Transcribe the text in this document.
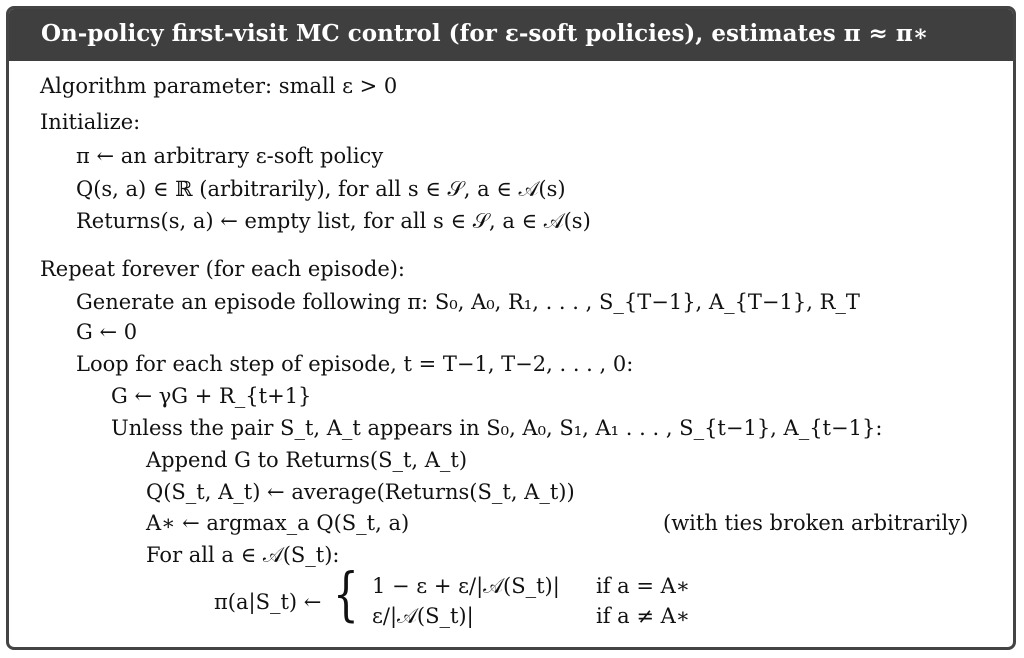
On-policy first-visit MC control (for ε-soft policies), estimates π ≈ π∗
Algorithm parameter: small ε > 0
Initialize:
π ← an arbitrary ε-soft policy
Q(s, a) ∈ ℝ (arbitrarily), for all s ∈ 𝒮, a ∈ 𝒜(s)
Returns(s, a) ← empty list, for all s ∈ 𝒮, a ∈ 𝒜(s)
Repeat forever (for each episode):
Generate an episode following π: S₀, A₀, R₁, . . . , S_{T−1}, A_{T−1}, R_T
G ← 0
Loop for each step of episode, t = T−1, T−2, . . . , 0:
G ← γG + R_{t+1}
Unless the pair S_t, A_t appears in S₀, A₀, S₁, A₁ . . . , S_{t−1}, A_{t−1}:
Append G to Returns(S_t, A_t)
Q(S_t, A_t) ← average(Returns(S_t, A_t))
A∗ ← argmax_a Q(S_t, a)	(with ties broken arbitrarily)
For all a ∈ 𝒜(S_t):
π(a|S_t) ← { 1 − ε + ε/|𝒜(S_t)| if a = A∗
ε/|𝒜(S_t)|	if a ≠ A∗
